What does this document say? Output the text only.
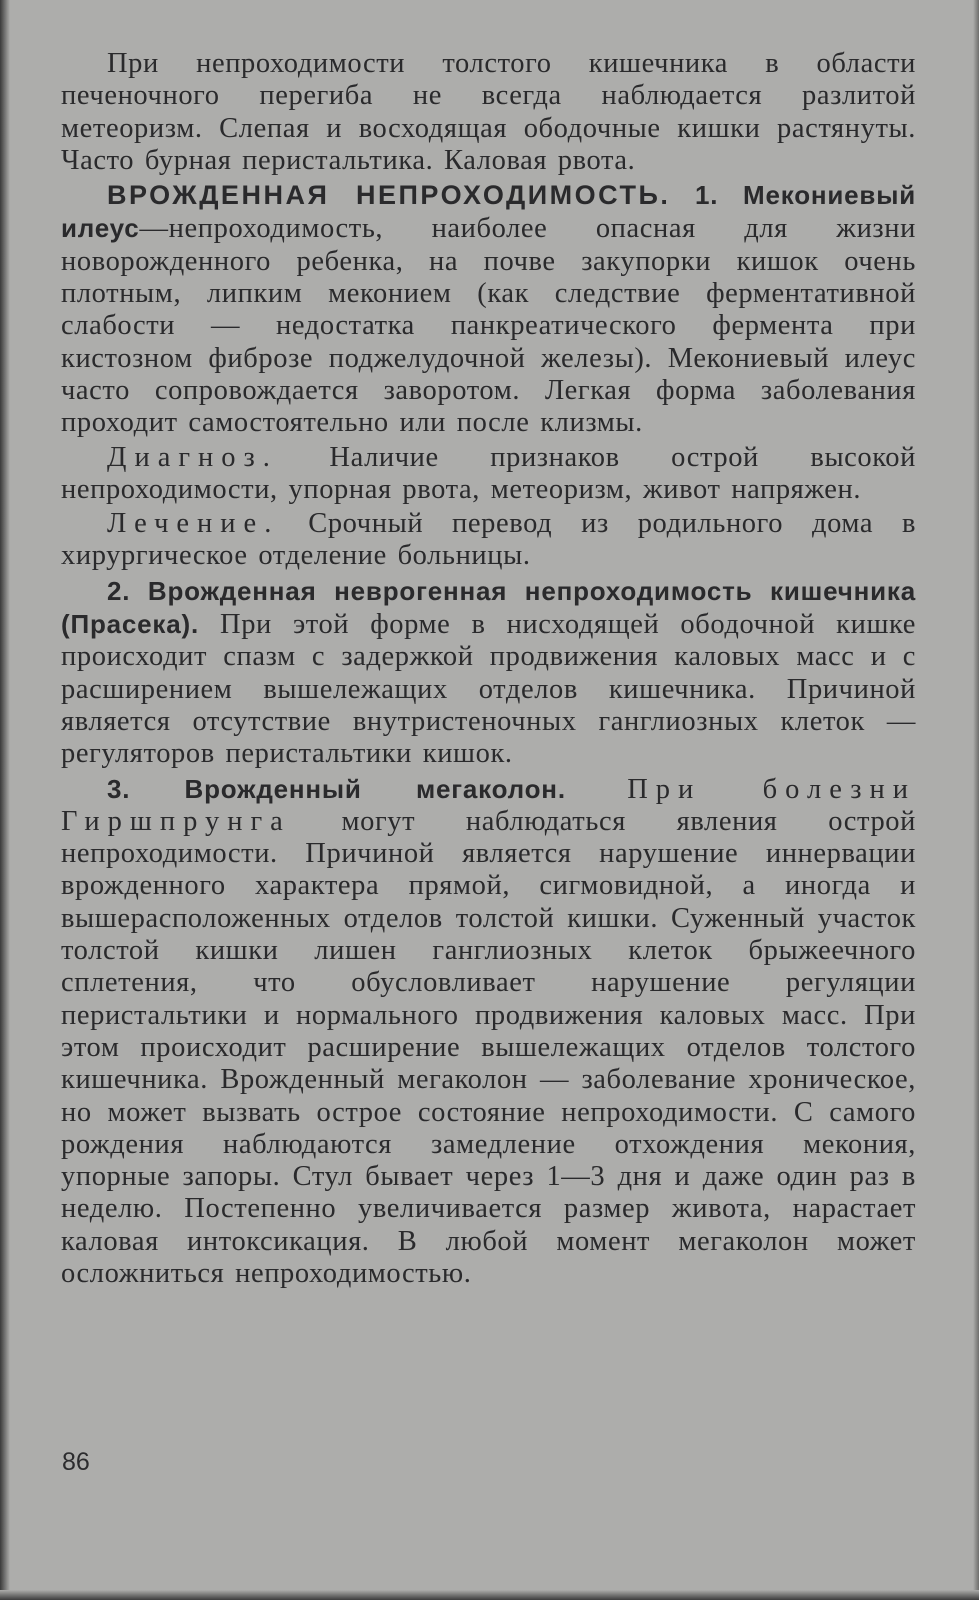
При непроходимости толстого кишечника в области печеночного перегиба не всегда наблюдается разлитой метеоризм. Слепая и восходящая ободочные кишки растянуты. Часто бурная перистальтика. Каловая рвота.

ВРОЖДЕННАЯ НЕПРОХОДИМОСТЬ. 1. Мекониевый илеус—непроходимость, наиболее опасная для жизни новорожденного ребенка, на почве закупорки кишок очень плотным, липким меконием (как следствие ферментативной слабости — недостатка панкреатического фермента при кистозном фиброзе поджелудочной железы). Мекониевый илеус часто сопровождается заворотом. Легкая форма заболевания проходит самостоятельно или после клизмы.

Диагноз. Наличие признаков острой высокой непроходимости, упорная рвота, метеоризм, живот напряжен.

Лечение. Срочный перевод из родильного дома в хирургическое отделение больницы.

2. Врожденная неврогенная непроходимость кишечника (Прасека). При этой форме в нисходящей ободочной кишке происходит спазм с задержкой продвижения каловых масс и с расширением вышележащих отделов кишечника. Причиной является отсутствие внутристеночных ганглиозных клеток — регуляторов перистальтики кишок.

3. Врожденный мегаколон. При болезни Гиршпрунга могут наблюдаться явления острой непроходимости. Причиной является нарушение иннервации врожденного характера прямой, сигмовидной, а иногда и вышерасположенных отделов толстой кишки. Суженный участок толстой кишки лишен ганглиозных клеток брыжеечного сплетения, что обусловливает нарушение регуляции перистальтики и нормального продвижения каловых масс. При этом происходит расширение вышележащих отделов толстого кишечника. Врожденный мегаколон — заболевание хроническое, но может вызвать острое состояние непроходимости. С самого рождения наблюдаются замедление отхождения мекония, упорные запоры. Стул бывает через 1—3 дня и даже один раз в неделю. Постепенно увеличивается размер живота, нарастает каловая интоксикация. В любой момент мегаколон может осложниться непроходимостью.

86
